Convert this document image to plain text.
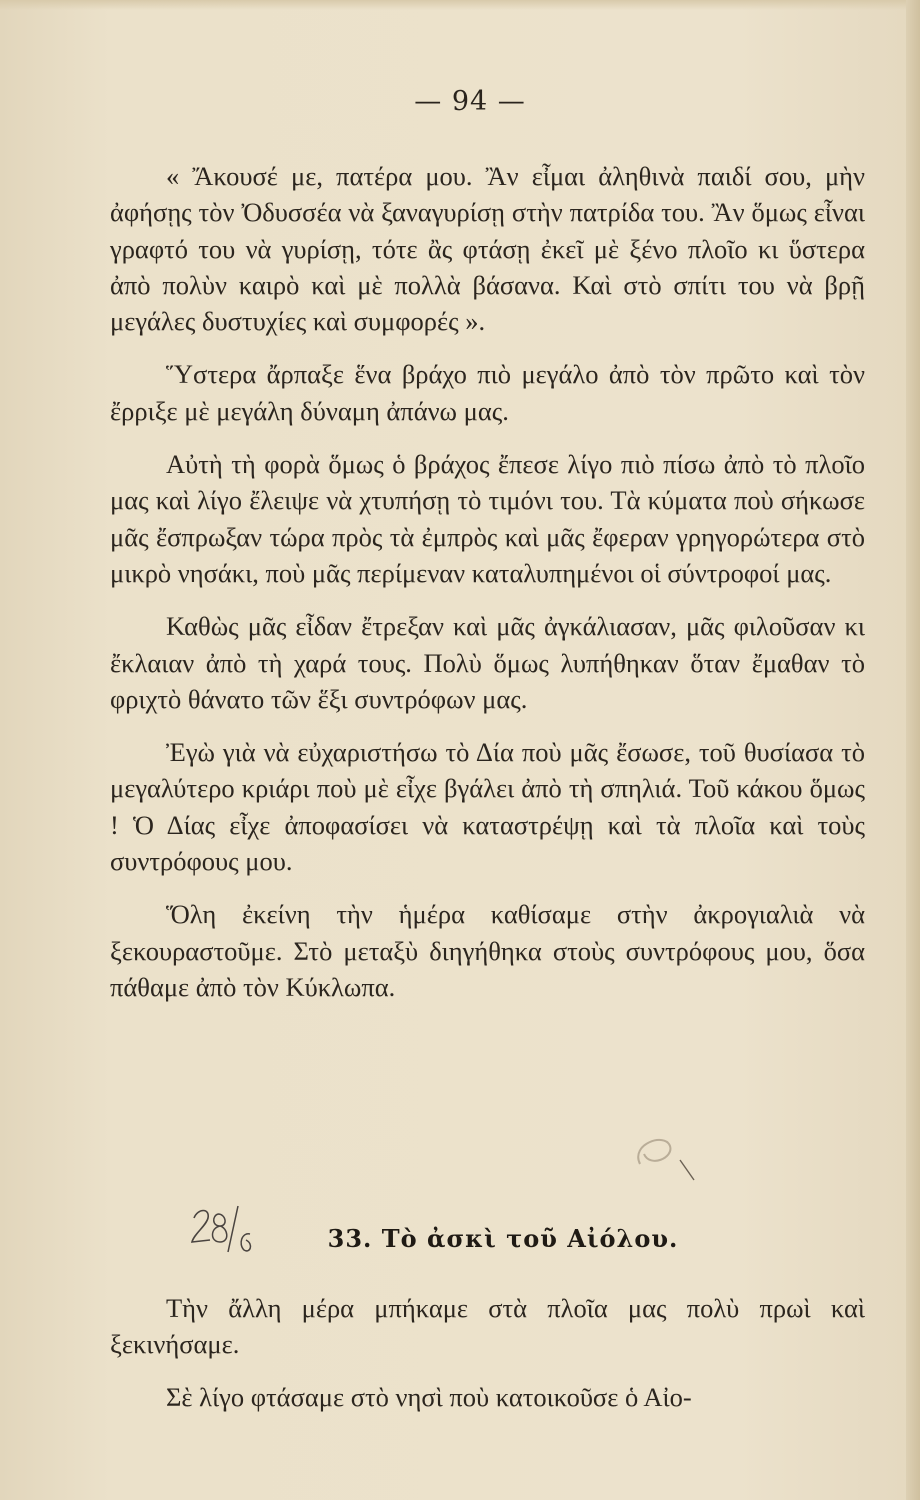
— 94 —

« Ἄκουσέ με, πατέρα μου. Ἂν εἶμαι ἀληθινὰ παιδί σου, μὴν ἀφήσῃς τὸν Ὀδυσσέα νὰ ξαναγυρίσῃ στὴν πατρίδα του. Ἂν ὅμως εἶναι γραφτό του νὰ γυρίσῃ, τότε ἂς φτάσῃ ἐκεῖ μὲ ξένο πλοῖο κι ὕστερα ἀπὸ πολὺν καιρὸ καὶ μὲ πολλὰ βάσανα. Καὶ στὸ σπίτι του νὰ βρῇ μεγάλες δυστυχίες καὶ συμφορές ».

Ὕστερα ἄρπαξε ἕνα βράχο πιὸ μεγάλο ἀπὸ τὸν πρῶτο καὶ τὸν ἔρριξε μὲ μεγάλη δύναμη ἀπάνω μας.

Αὐτὴ τὴ φορὰ ὅμως ὁ βράχος ἔπεσε λίγο πιὸ πίσω ἀπὸ τὸ πλοῖο μας καὶ λίγο ἔλειψε νὰ χτυπήσῃ τὸ τιμόνι του. Τὰ κύματα ποὺ σήκωσε μᾶς ἔσπρωξαν τώρα πρὸς τὰ ἐμπρὸς καὶ μᾶς ἔφεραν γρηγορώτερα στὸ μικρὸ νησάκι, ποὺ μᾶς περίμεναν καταλυπημένοι οἱ σύντροφοί μας.

Καθὼς μᾶς εἶδαν ἔτρεξαν καὶ μᾶς ἀγκάλιασαν, μᾶς φιλοῦσαν κι ἔκλαιαν ἀπὸ τὴ χαρά τους. Πολὺ ὅμως λυπήθηκαν ὅταν ἔμαθαν τὸ φριχτὸ θάνατο τῶν ἕξι συντρόφων μας.

Ἐγὼ γιὰ νὰ εὐχαριστήσω τὸ Δία ποὺ μᾶς ἔσωσε, τοῦ θυσίασα τὸ μεγαλύτερο κριάρι ποὺ μὲ εἶχε βγάλει ἀπὸ τὴ σπηλιά. Τοῦ κάκου ὅμως ! Ὁ Δίας εἶχε ἀποφασίσει νὰ καταστρέψῃ καὶ τὰ πλοῖα καὶ τοὺς συντρόφους μου.

Ὅλη ἐκείνη τὴν ἡμέρα καθίσαμε στὴν ἀκρογιαλιὰ νὰ ξεκουραστοῦμε. Στὸ μεταξὺ διηγήθηκα στοὺς συντρόφους μου, ὅσα πάθαμε ἀπὸ τὸν Κύκλωπα.

33. Τὸ ἀσκὶ τοῦ Αἰόλου.

Τὴν ἄλλη μέρα μπήκαμε στὰ πλοῖα μας πολὺ πρωὶ καὶ ξεκινήσαμε.

Σὲ λίγο φτάσαμε στὸ νησὶ ποὺ κατοικοῦσε ὁ Αἰο-
